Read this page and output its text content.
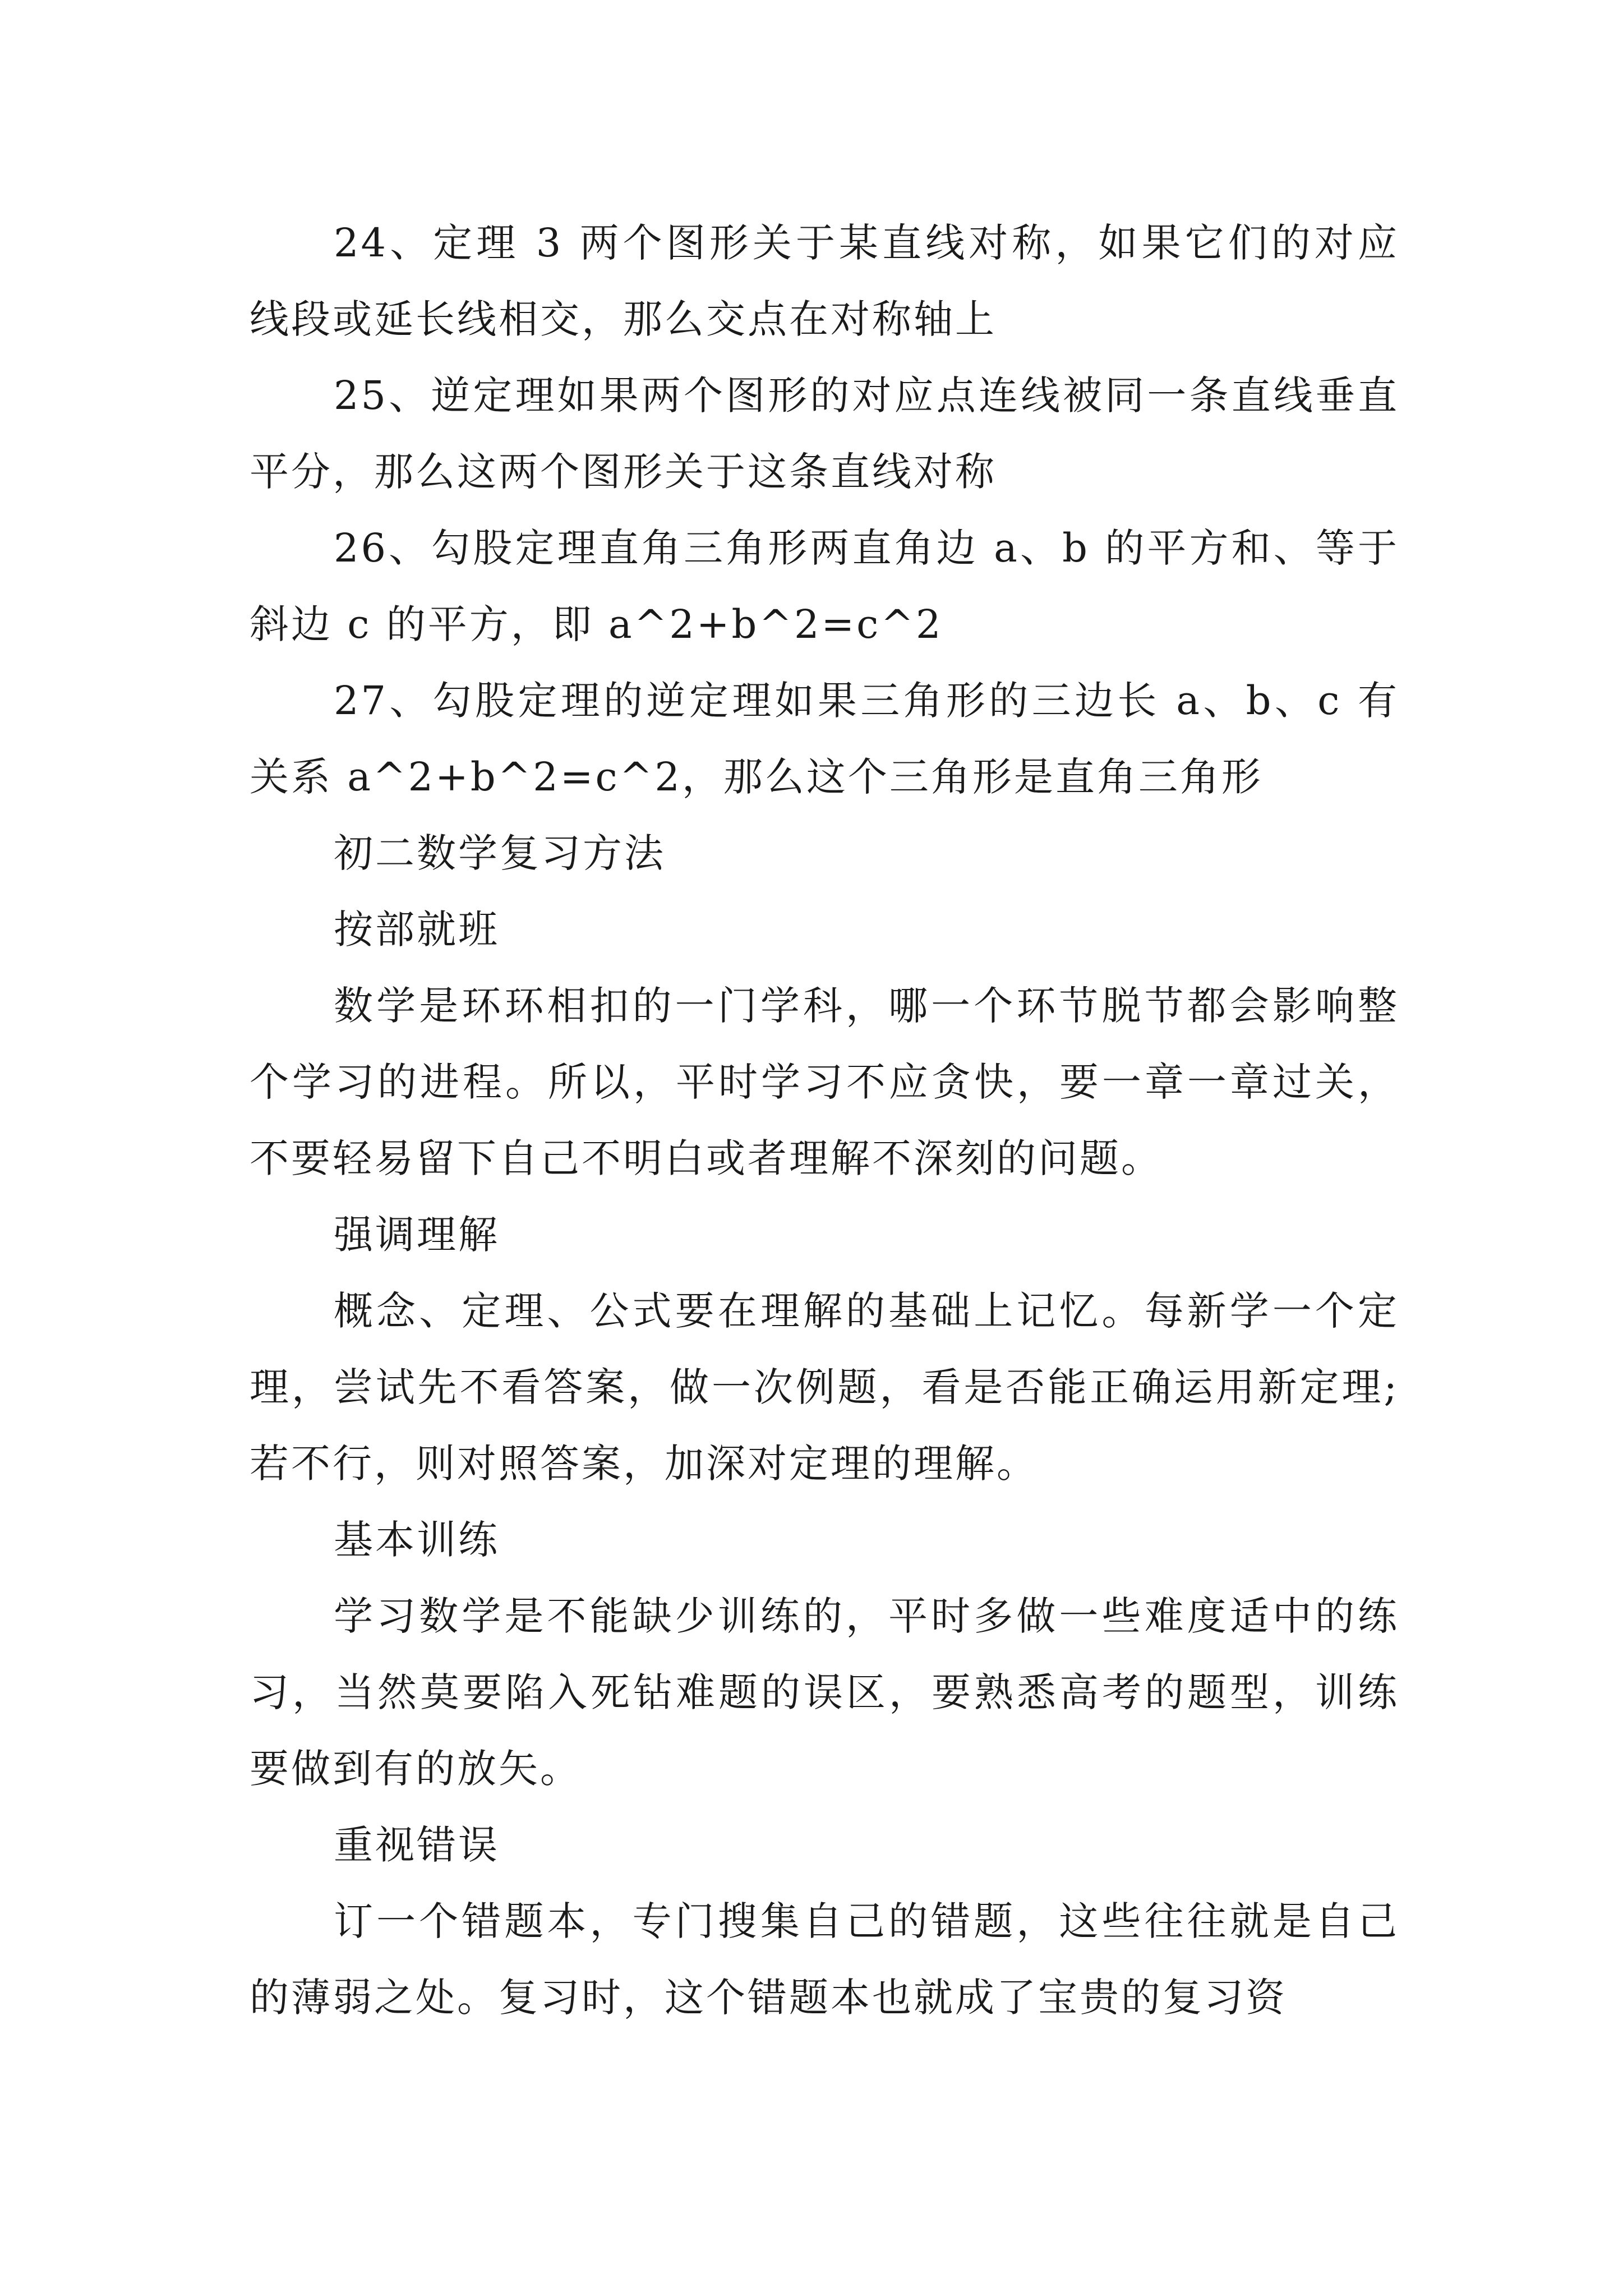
24、定理 3 两个图形关于某直线对称，如果它们的对应线段或延长线相交，那么交点在对称轴上

25、逆定理如果两个图形的对应点连线被同一条直线垂直平分，那么这两个图形关于这条直线对称

26、勾股定理直角三角形两直角边 a、b 的平方和、等于斜边 c 的平方，即 a^2+b^2=c^2

27、勾股定理的逆定理如果三角形的三边长 a、b、c 有关系 a^2+b^2=c^2，那么这个三角形是直角三角形

初二数学复习方法

按部就班

数学是环环相扣的一门学科，哪一个环节脱节都会影响整个学习的进程。所以，平时学习不应贪快，要一章一章过关，不要轻易留下自己不明白或者理解不深刻的问题。

强调理解

概念、定理、公式要在理解的基础上记忆。每新学一个定理，尝试先不看答案，做一次例题，看是否能正确运用新定理;若不行，则对照答案，加深对定理的理解。

基本训练

学习数学是不能缺少训练的，平时多做一些难度适中的练习，当然莫要陷入死钻难题的误区，要熟悉高考的题型，训练要做到有的放矢。

重视错误

订一个错题本，专门搜集自己的错题，这些往往就是自己的薄弱之处。复习时，这个错题本也就成了宝贵的复习资
